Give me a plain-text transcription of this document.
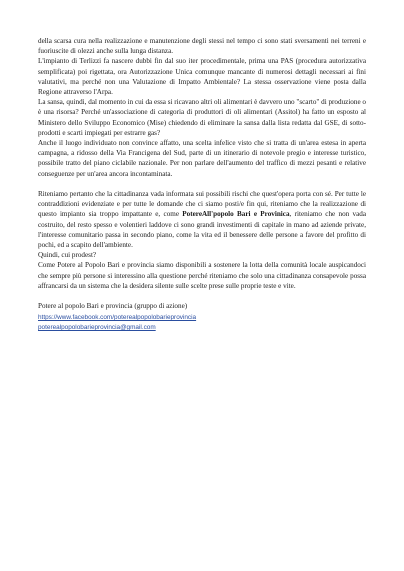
della scarsa cura nella realizzazione e manutenzione degli stessi nel tempo ci sono stati sversamenti nei terreni e fuoriuscite di olezzi anche sulla lunga distanza.

L'impianto di Terlizzi fa nascere dubbi fin dal suo iter procedimentale, prima una PAS (procedura autorizzativa semplificata) poi rigettata, ora Autorizzazione Unica comunque mancante di numerosi dettagli necessari ai fini valutativi, ma perché non una Valutazione di Impatto Ambientale? La stessa osservazione viene posta dalla Regione attraverso l'Arpa.

La sansa, quindi, dal momento in cui da essa si ricavano altri oli alimentari è davvero uno "scarto" di produzione o è una risorsa? Perché un'associazione di categoria di produttori di oli alimentari (Assitol) ha fatto un esposto al Ministero dello Sviluppo Economico (Mise) chiedendo di eliminare la sansa dalla lista redatta dal GSE, di sotto-prodotti e scarti impiegati per estrarre gas?

Anche il luogo individuato non convince affatto, una scelta infelice visto che si tratta di un'area estesa in aperta campagna, a ridosso della Via Francigena del Sud, parte di un itinerario di notevole pregio e interesse turistico, possibile tratto del piano ciclabile nazionale. Per non parlare dell'aumento del traffico di mezzi pesanti e relative conseguenze per un'area ancora incontaminata.

Riteniamo pertanto che la cittadinanza vada informata sui possibili rischi che quest'opera porta con sé. Per tutte le contraddizioni evidenziate e per tutte le domande che ci siamo posti/e fin qui, riteniamo che la realizzazione di questo impianto sia troppo impattante e, come PotereAll'popolo Bari e Provinica, riteniamo che non vada costruito, del resto spesso e volentieri laddove ci sono grandi investimenti di capitale in mano ad aziende private, l'interesse comunitario passa in secondo piano, come la vita ed il benessere delle persone a favore del profitto di pochi, ed a scapito dell'ambiente.

Quindi, cui prodest?

Come Potere al Popolo Bari e provincia siamo disponibili a sostenere la lotta della comunità locale auspicandoci che sempre più persone si interessino alla questione perché riteniamo che solo una cittadinanza consapevole possa affrancarsi da un sistema che la desidera silente sulle scelte prese sulle proprie teste e vite.

Potere al popolo Bari e provincia (gruppo di azione)

https://www.facebook.com/poterealpopolobarieprovincia
poterealpopolobarieprovincia@gmail.com
